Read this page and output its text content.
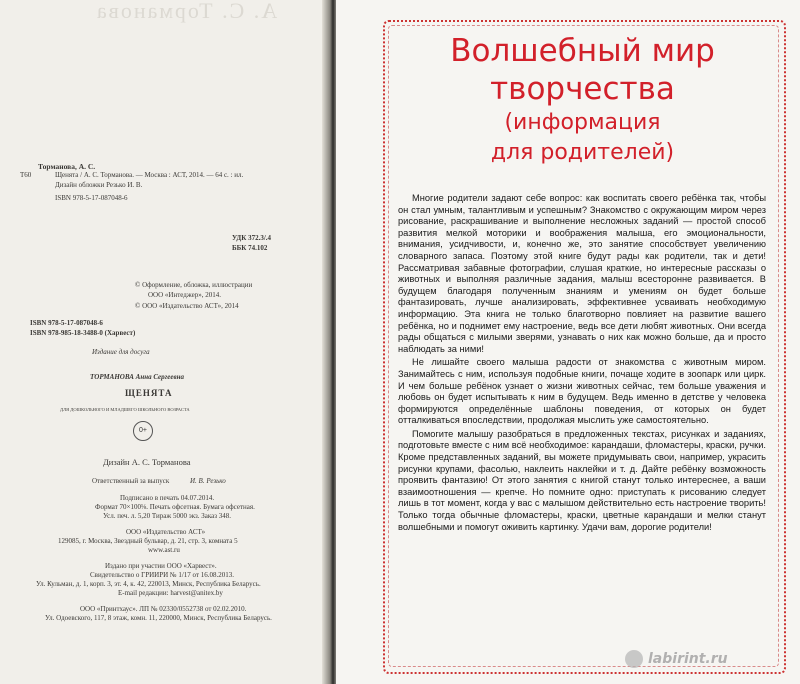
А. С. Торманова
Торманова, А. С.
Т60	Щенята / А. С. Торманова. — Москва : АСТ, 2014. — 64 с. : ил.
Дизайн обложки Резько И. В.
ISBN 978-5-17-087048-6
УДК 372.3/.4
ББК 74.102
© Оформление, обложка, иллюстрации
ООО «Интеджер», 2014.
© ООО «Издательство АСТ», 2014
ISBN 978-5-17-087048-6
ISBN 978-985-18-3488-0 (Харвест)
Издание для досуга
ТОРМАНОВА Анна Сергеевна
ЩЕНЯТА
ДЛЯ ДОШКОЛЬНОГО И МЛАДШЕГО ШКОЛЬНОГО ВОЗРАСТА
0+
Дизайн А. С. Торманова
Ответственный за выпуск	И. В. Резько
Подписано в печать 04.07.2014.
Формат 70×100⅛. Печать офсетная. Бумага офсетная.
Усл. печ. л. 5,20 Тираж 5000 экз. Заказ 348.
ООО «Издательство АСТ»
129085, г. Москва, Звездный бульвар, д. 21, стр. 3, комната 5
www.ast.ru
Издано при участии ООО «Харвест».
Свидетельство о ГРИИРИ № 1/17 от 16.08.2013.
Ул. Кульман, д. 1, корп. 3, эт. 4, к. 42, 220013, Минск, Республика Беларусь.
E-mail редакции: harvest@anitex.by
ООО «Принтхаус». ЛП № 02330/0552738 от 02.02.2010.
Ул. Одоевского, 117, 8 этаж, комн. 11, 220000, Минск, Республика Беларусь.
Волшебный мир
творчества
(информация
для родителей)

Многие родители задают себе вопрос: как воспитать своего ребёнка так, чтобы он стал умным, талантливым и успешным? Знакомство с окружающим миром через рисование, раскрашивание и выполнение несложных заданий — простой способ развития мелкой моторики и воображения малыша, его эмоциональности, внимания, усидчивости, и, конечно же, это занятие способствует увеличению словарного запаса. Поэтому этой книге будут рады как родители, так и дети! Рассматривая забавные фотографии, слушая краткие, но интересные рассказы о животных и выполняя различные задания, малыш всесторонне развивается. В будущем благодаря полученным знаниям и умениям он будет больше фантазировать, лучше анализировать, эффективнее усваивать необходимую информацию. Эта книга не только благотворно повлияет на развитие вашего ребёнка, но и поднимет ему настроение, ведь все дети любят животных. Они всегда рады общаться с милыми зверями, узнавать о них как можно больше, да и просто наблюдать за ними!

Не лишайте своего малыша радости от знакомства с животным миром. Занимайтесь с ним, используя подобные книги, почаще ходите в зоопарк или цирк. И чем больше ребёнок узнает о жизни животных сейчас, тем больше уважения и любовь он будет испытывать к ним в будущем. Ведь именно в детстве у человека формируются определённые шаблоны поведения, от которых он будет отталкиваться впоследствии, продолжая мыслить уже самостоятельно.

Помогите малышу разобраться в предложенных текстах, рисунках и заданиях, подготовьте вместе с ним всё необходимое: карандаши, фломастеры, краски, ручки. Кроме представленных заданий, вы можете придумывать свои, например, украсить рисунки крупами, фасолью, наклеить наклейки и т. д. Дайте ребёнку возможность проявить фантазию! От этого занятия с книгой станут только интереснее, а ваши взаимоотношения — крепче. Но помните одно: приступать к рисованию следует лишь в тот момент, когда у вас с малышом действительно есть настроение творить! Только тогда обычные фломастеры, краски, цветные карандаши и мелки станут волшебными и помогут оживить картинку. Удачи вам, дорогие родители!

labirint.ru
